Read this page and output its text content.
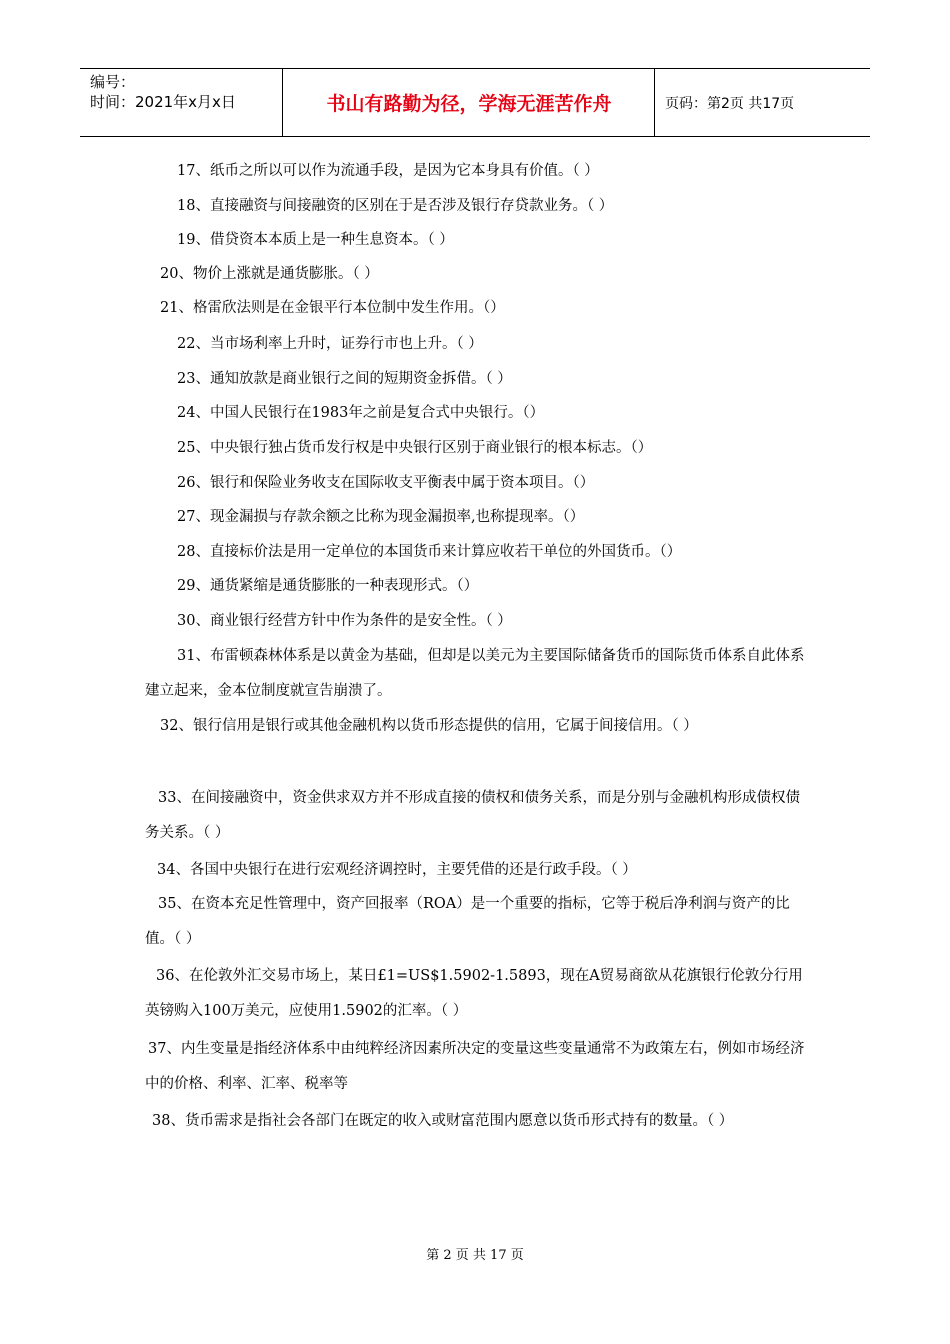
编号：
时间：2021年x月x日	书山有路勤为径，学海无涯苦作舟	页码：第2页 共17页
17、纸币之所以可以作为流通手段，是因为它本身具有价值。（ ）
18、直接融资与间接融资的区别在于是否涉及银行存贷款业务。（ ）
19、借贷资本本质上是一种生息资本。（ ）
20、物价上涨就是通货膨胀。（ ）
21、格雷欣法则是在金银平行本位制中发生作用。（）
22、当市场利率上升时，证券行市也上升。（ ）
23、通知放款是商业银行之间的短期资金拆借。（ ）
24、中国人民银行在1983年之前是复合式中央银行。（）
25、中央银行独占货币发行权是中央银行区别于商业银行的根本标志。（）
26、银行和保险业务收支在国际收支平衡表中属于资本项目。（）
27、现金漏损与存款余额之比称为现金漏损率,也称提现率。（）
28、直接标价法是用一定单位的本国货币来计算应收若干单位的外国货币。（）
29、通货紧缩是通货膨胀的一种表现形式。（）
30、商业银行经营方针中作为条件的是安全性。（ ）
31、布雷顿森林体系是以黄金为基础，但却是以美元为主要国际储备货币的国际货币体系自此体系建立起来，金本位制度就宣告崩溃了。
32、银行信用是银行或其他金融机构以货币形态提供的信用，它属于间接信用。（ ）
33、在间接融资中，资金供求双方并不形成直接的债权和债务关系，而是分别与金融机构形成债权债务关系。（ ）
34、各国中央银行在进行宏观经济调控时，主要凭借的还是行政手段。（ ）
35、在资本充足性管理中，资产回报率（ROA）是一个重要的指标，它等于税后净利润与资产的比值。（ ）
36、在伦敦外汇交易市场上，某日£1=US$1.5902-1.5893，现在A贸易商欲从花旗银行伦敦分行用英镑购入100万美元，应使用1.5902的汇率。（ ）
37、内生变量是指经济体系中由纯粹经济因素所决定的变量这些变量通常不为政策左右，例如市场经济中的价格、利率、汇率、税率等
38、货币需求是指社会各部门在既定的收入或财富范围内愿意以货币形式持有的数量。（ ）
第 2 页 共 17 页
